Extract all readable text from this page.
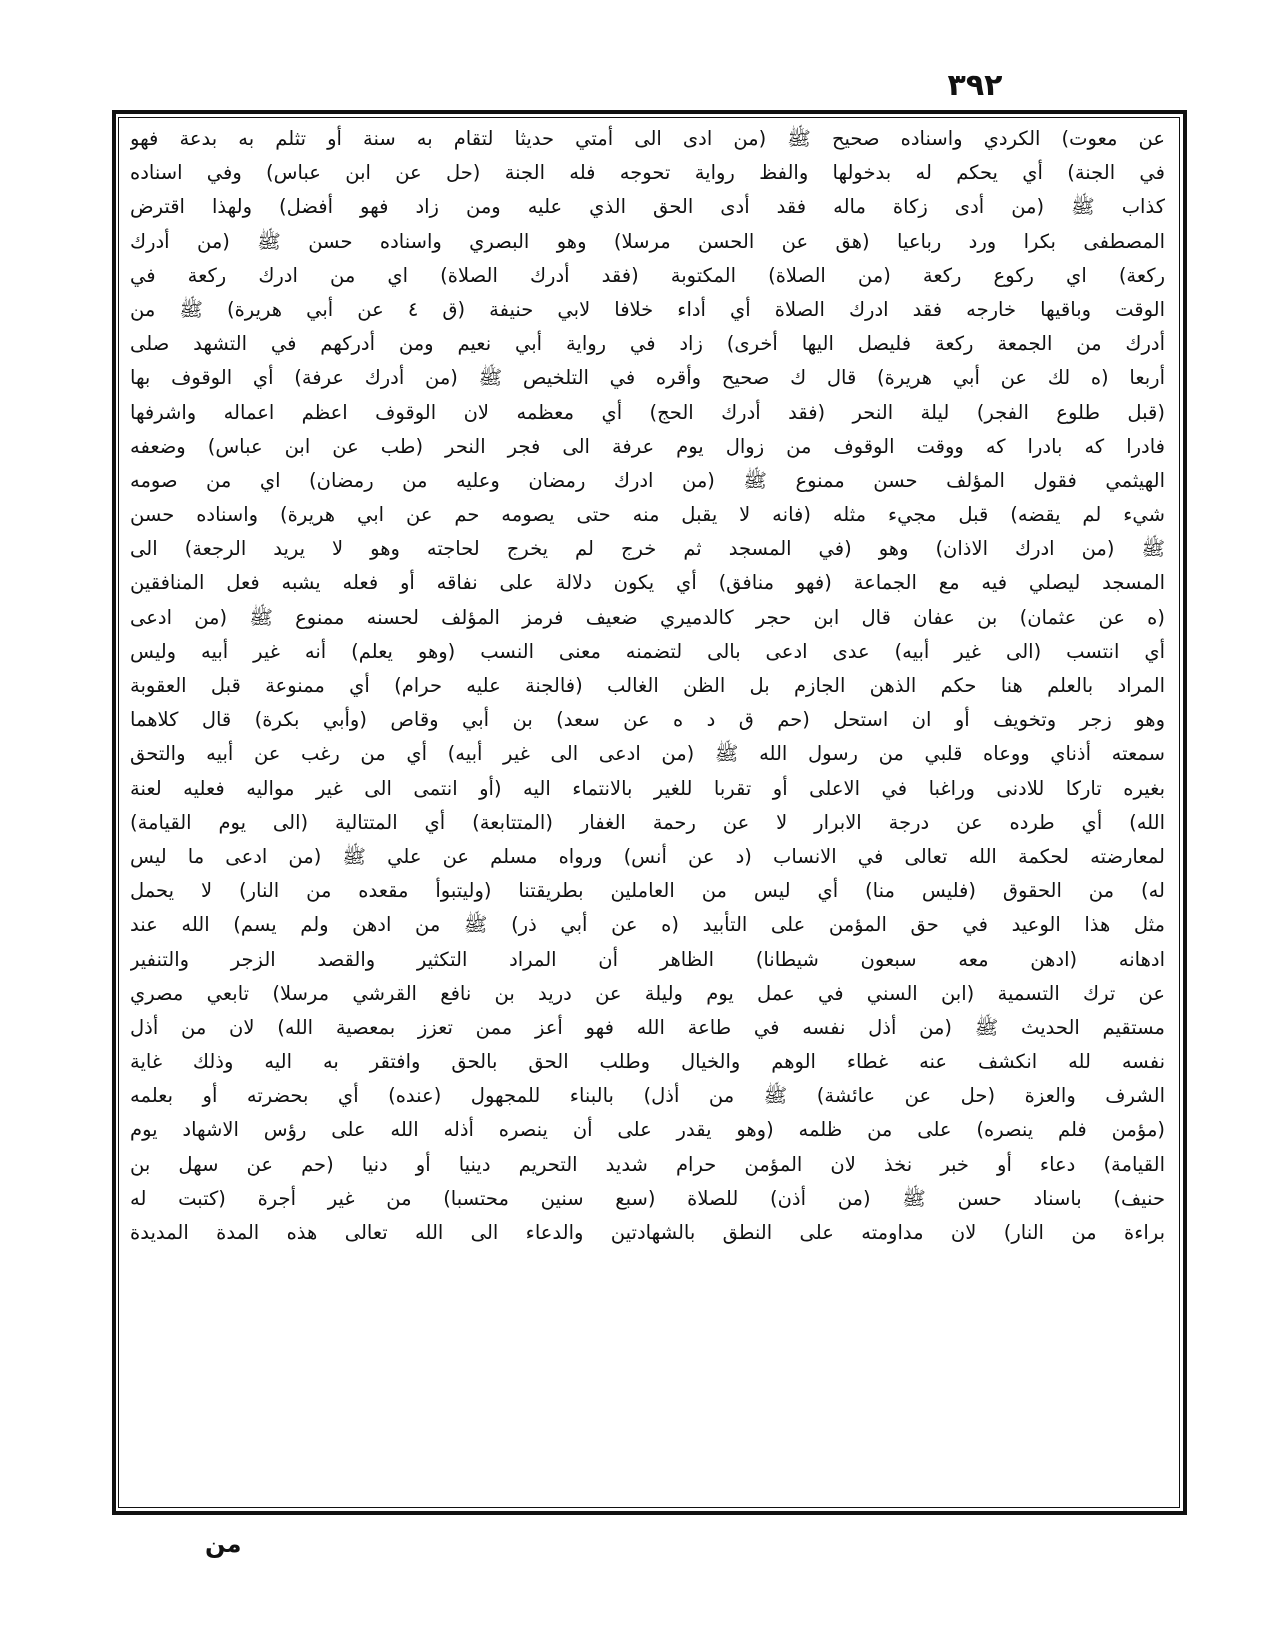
٣٩٢
عن معوت) الكردي واسناده صحيح ﷺ (من ادى الى أمتي حديثا لتقام به سنة أو تثلم به بدعة فهو
في الجنة) أي يحكم له بدخولها والفظ رواية تحوجه فله الجنة (حل عن ابن عباس) وفي اسناده
كذاب ﷺ (من أدى زكاة ماله فقد أدى الحق الذي عليه ومن زاد فهو أفضل) ولهذا اقترض
المصطفى بكرا ورد رباعيا (هق عن الحسن مرسلا) وهو البصري واسناده حسن ﷺ (من أدرك
ركعة) اي ركوع ركعة (من الصلاة) المكتوبة (فقد أدرك الصلاة) اي من ادرك ركعة في
الوقت وباقيها خارجه فقد ادرك الصلاة أي أداء خلافا لابي حنيفة (ق ٤ عن أبي هريرة) ﷺ من
أدرك من الجمعة ركعة فليصل اليها أخرى) زاد في رواية أبي نعيم ومن أدركهم في التشهد صلى
أربعا (ه لك عن أبي هريرة) قال ك صحيح وأقره في التلخيص ﷺ (من أدرك عرفة) أي الوقوف بها
(قبل طلوع الفجر) ليلة النحر (فقد أدرك الحج) أي معظمه لان الوقوف اعظم اعماله واشرفها
فادرا كه بادرا كه ووقت الوقوف من زوال يوم عرفة الى فجر النحر (طب عن ابن عباس) وضعفه
الهيثمي فقول المؤلف حسن ممنوع ﷺ (من ادرك رمضان وعليه من رمضان) اي من صومه
شيء لم يقضه) قبل مجيء مثله (فانه لا يقبل منه حتى يصومه حم عن ابي هريرة) واسناده حسن
ﷺ (من ادرك الاذان) وهو (في المسجد ثم خرج لم يخرج لحاجته وهو لا يريد الرجعة) الى
المسجد ليصلي فيه مع الجماعة (فهو منافق) أي يكون دلالة على نفاقه أو فعله يشبه فعل المنافقين
(ه عن عثمان) بن عفان قال ابن حجر كالدميري ضعيف فرمز المؤلف لحسنه ممنوع ﷺ (من ادعى
أي انتسب (الى غير أبيه) عدى ادعى بالى لتضمنه معنى النسب (وهو يعلم) أنه غير أبيه وليس
المراد بالعلم هنا حكم الذهن الجازم بل الظن الغالب (فالجنة عليه حرام) أي ممنوعة قبل العقوبة
وهو زجر وتخويف أو ان استحل (حم ق د ه عن سعد) بن أبي وقاص (وأبي بكرة) قال كلاهما
سمعته أذناي ووعاه قلبي من رسول الله ﷺ (من ادعى الى غير أبيه) أي من رغب عن أبيه والتحق
بغيره تاركا للادنى وراغبا في الاعلى أو تقربا للغير بالانتماء اليه (أو انتمى الى غير مواليه فعليه لعنة
الله) أي طرده عن درجة الابرار لا عن رحمة الغفار (المتتابعة) أي المتتالية (الى يوم القيامة)
لمعارضته لحكمة الله تعالى في الانساب (د عن أنس) ورواه مسلم عن علي ﷺ (من ادعى ما ليس
له) من الحقوق (فليس منا) أي ليس من العاملين بطريقتنا (وليتبوأ مقعده من النار) لا يحمل
مثل هذا الوعيد في حق المؤمن على التأبيد (ه عن أبي ذر) ﷺ من ادهن ولم يسم) الله عند
ادهانه (ادهن معه سبعون شيطانا) الظاهر أن المراد التكثير والقصد الزجر والتنفير
عن ترك التسمية (ابن السني في عمل يوم وليلة عن دريد بن نافع القرشي مرسلا) تابعي مصري
مستقيم الحديث ﷺ (من أذل نفسه في طاعة الله فهو أعز ممن تعزز بمعصية الله) لان من أذل
نفسه لله انكشف عنه غطاء الوهم والخيال وطلب الحق بالحق وافتقر به اليه وذلك غاية
الشرف والعزة (حل عن عائشة) ﷺ من أذل) بالبناء للمجهول (عنده) أي بحضرته أو بعلمه
(مؤمن فلم ينصره) على من ظلمه (وهو يقدر على أن ينصره أذله الله على رؤس الاشهاد يوم
القيامة) دعاء أو خبر نخذ لان المؤمن حرام شديد التحريم دينيا أو دنيا (حم عن سهل بن
حنيف) باسناد حسن ﷺ (من أذن) للصلاة (سبع سنين محتسبا) من غير أجرة (كتبت له
براءة من النار) لان مداومته على النطق بالشهادتين والدعاء الى الله تعالى هذه المدة المديدة
من
